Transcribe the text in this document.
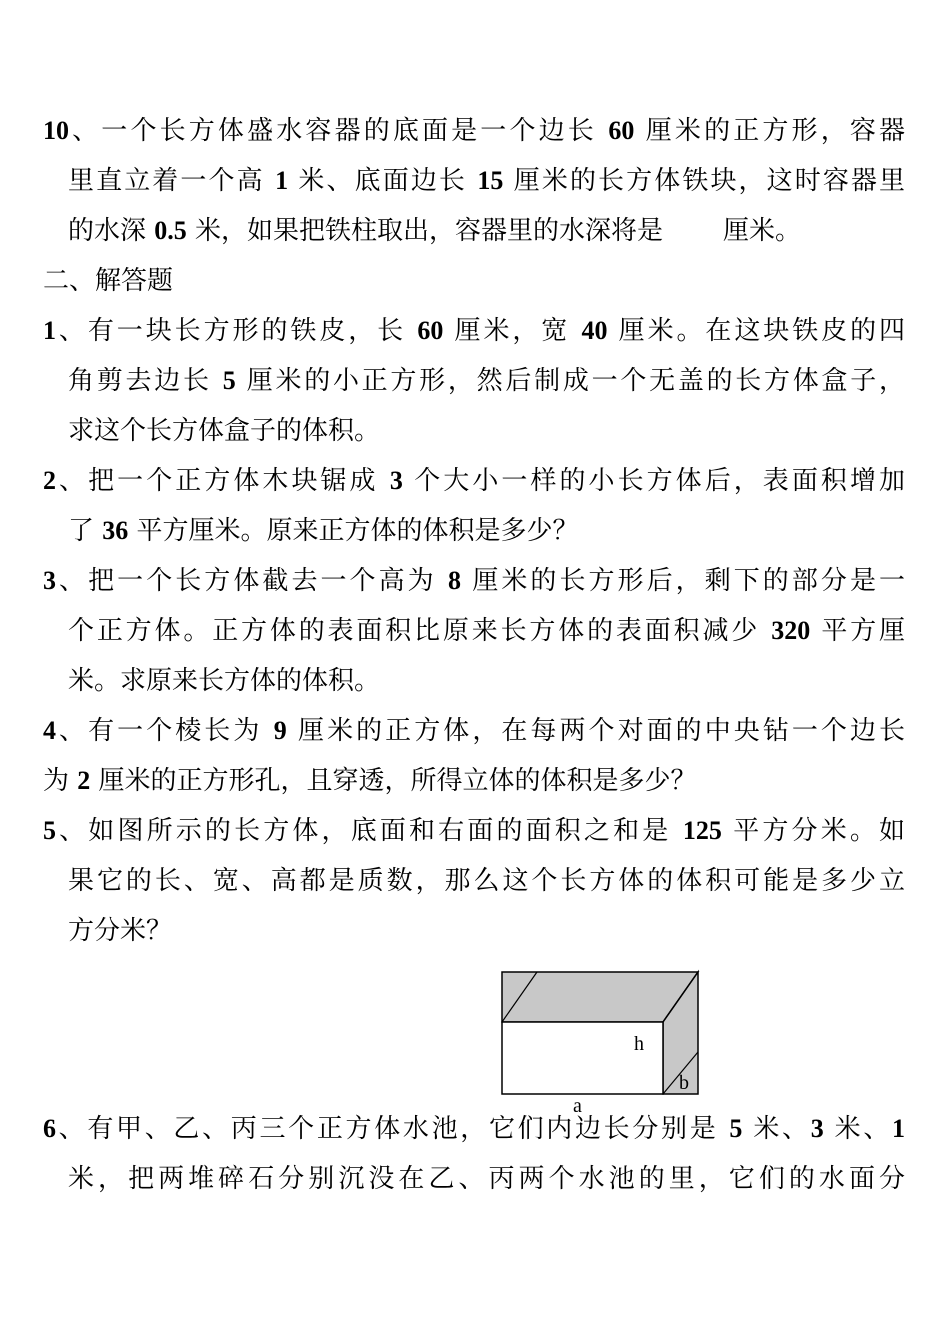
10、一个长方体盛水容器的底面是一个边长 60 厘米的正方形，容器
里直立着一个高 1 米、底面边长 15 厘米的长方体铁块，这时容器里
的水深 0.5 米，如果把铁柱取出，容器里的水深将是　　 厘米。
二、解答题
1、有一块长方形的铁皮，长 60 厘米，宽 40 厘米。在这块铁皮的四
角剪去边长 5 厘米的小正方形，然后制成一个无盖的长方体盒子，
求这个长方体盒子的体积。
2、把一个正方体木块锯成 3 个大小一样的小长方体后，表面积增加
了 36 平方厘米。原来正方体的体积是多少？
3、把一个长方体截去一个高为 8 厘米的长方形后，剩下的部分是一
个正方体。正方体的表面积比原来长方体的表面积减少 320 平方厘
米。求原来长方体的体积。
4、有一个棱长为 9 厘米的正方体，在每两个对面的中央钻一个边长
为 2 厘米的正方形孔，且穿透，所得立体的体积是多少？
5、如图所示的长方体，底面和右面的面积之和是 125 平方分米。如
果它的长、宽、高都是质数，那么这个长方体的体积可能是多少立
方分米？
h
b
a
6、有甲、乙、丙三个正方体水池，它们内边长分别是 5 米、3 米、1
米，把两堆碎石分别沉没在乙、丙两个水池的里，它们的水面分
